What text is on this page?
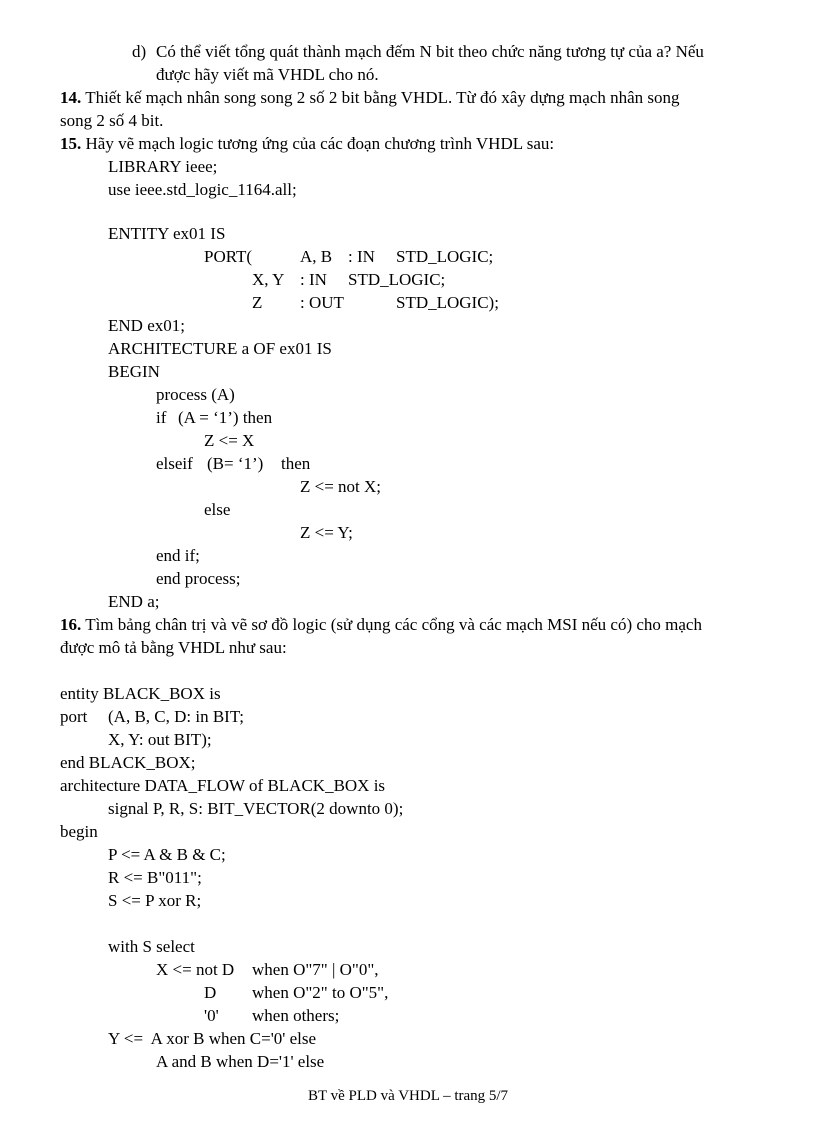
d) Có thể viết tổng quát thành mạch đếm N bit theo chức năng tương tự của a? Nếu
được hãy viết mã VHDL cho nó.
14. Thiết kế mạch nhân song song 2 số 2 bit bằng VHDL. Từ đó xây dựng mạch nhân song
song 2 số 4 bit.
15. Hãy vẽ mạch logic tương ứng của các đoạn chương trình VHDL sau:
LIBRARY ieee;
use ieee.std_logic_1164.all;
ENTITY ex01 IS
PORT(	A, B : IN STD_LOGIC;
X, Y : IN STD_LOGIC;
Z : OUT	STD_LOGIC);
END ex01;
ARCHITECTURE a OF ex01 IS
BEGIN
process (A)
if (A = ‘1’) then
Z <= X
elseif (B= ‘1’) then
Z <= not X;
else
Z <= Y;
end if;
end process;
END a;
16. Tìm bảng chân trị và vẽ sơ đồ logic (sử dụng các cổng và các mạch MSI nếu có) cho mạch
được mô tả bằng VHDL như sau:
entity BLACK_BOX is
port (A, B, C, D: in BIT;
X, Y: out BIT);
end BLACK_BOX;
architecture DATA_FLOW of BLACK_BOX is
signal P, R, S: BIT_VECTOR(2 downto 0);
begin
P <= A & B & C;
R <= B"011";
S <= P xor R;
with S select
X <= not D when O"7" | O"0",
D when O"2" to O"5",
'0' when others;
Y <=  A xor B when C='0' else
A and B when D='1' else
BT về PLD và VHDL – trang 5/7
